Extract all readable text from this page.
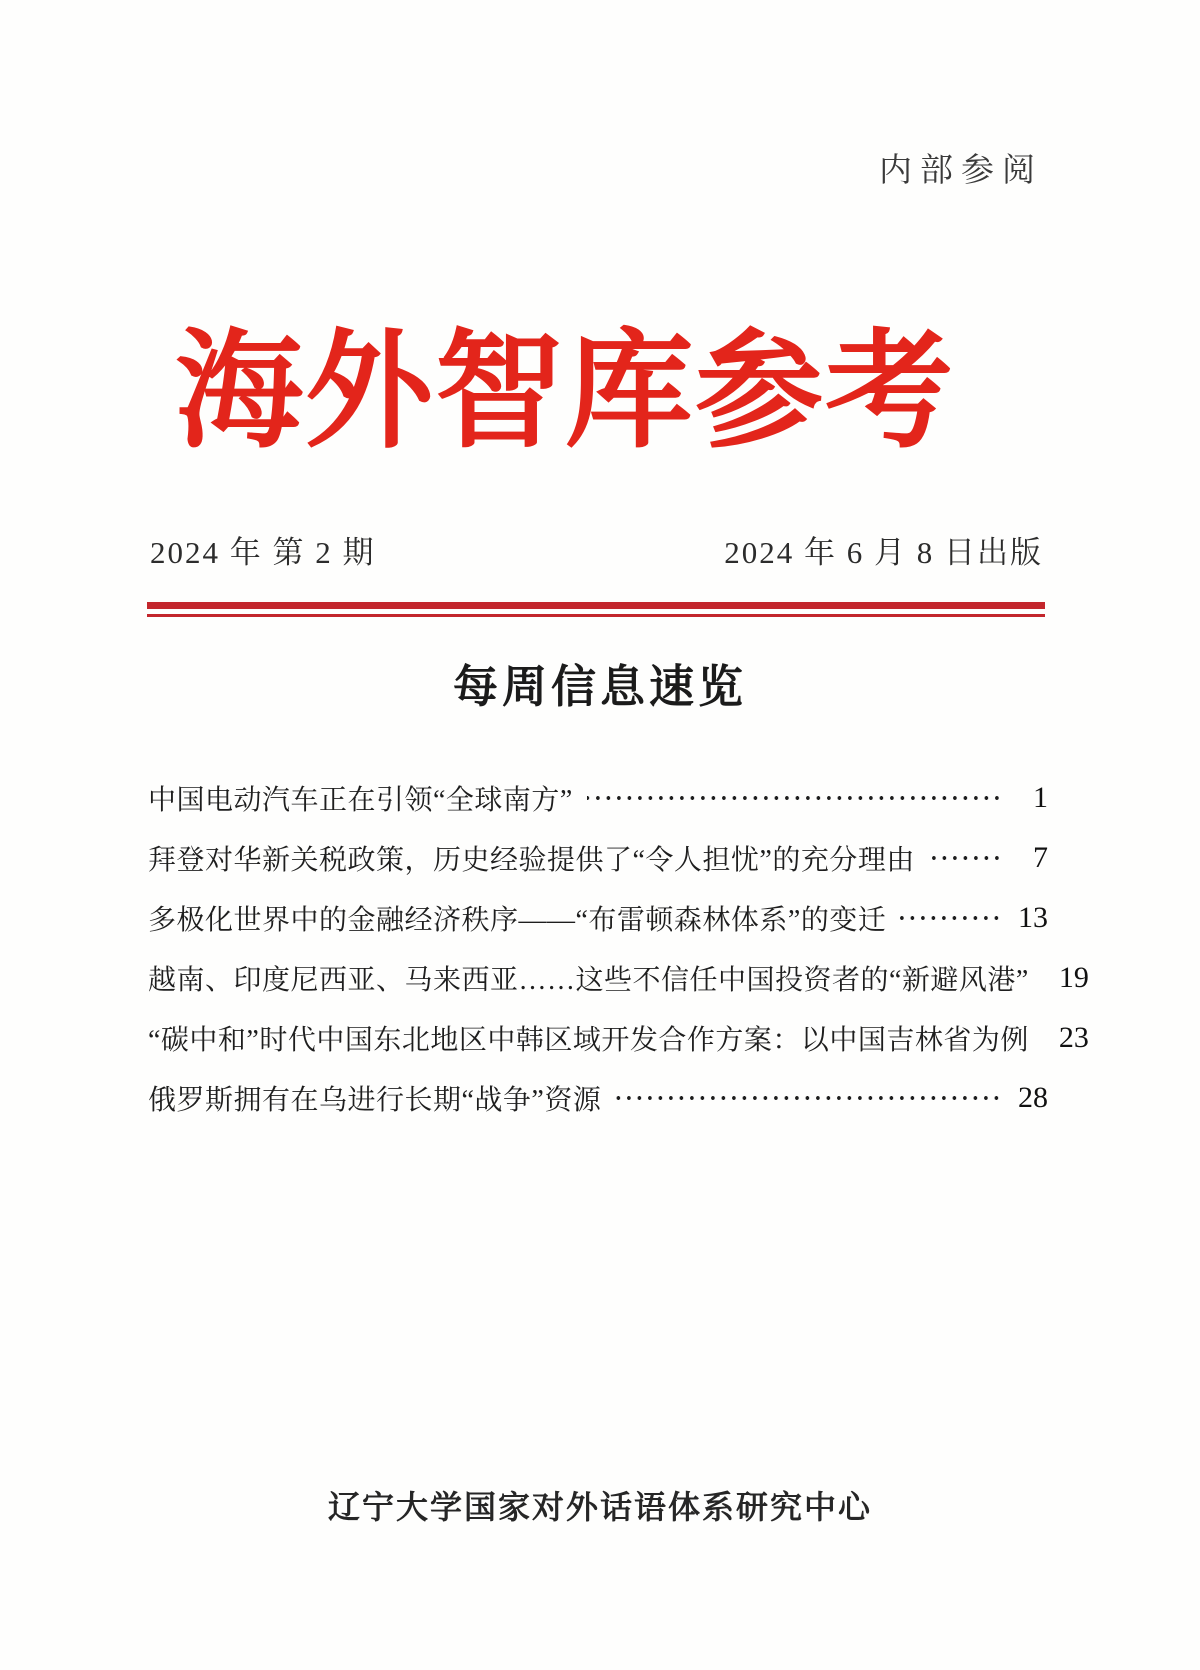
内部参阅
海外智库参考
2024 年 第 2 期	2024 年 6 月 8 日出版
每周信息速览
中国电动汽车正在引领“全球南方”	1
拜登对华新关税政策，历史经验提供了“令人担忧”的充分理由	7
多极化世界中的金融经济秩序——“布雷顿森林体系”的变迁	13
越南、印度尼西亚、马来西亚……这些不信任中国投资者的“新避风港” 19
“碳中和”时代中国东北地区中韩区域开发合作方案：以中国吉林省为例 23
俄罗斯拥有在乌进行长期“战争”资源	28
辽宁大学国家对外话语体系研究中心
